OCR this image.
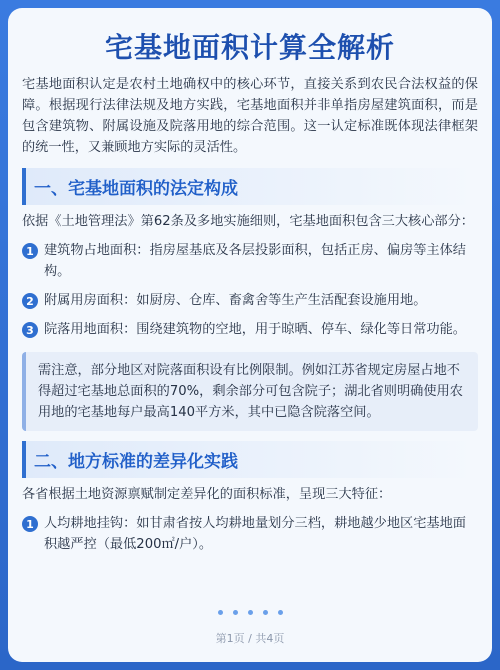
宅基地面积计算全解析

宅基地面积认定是农村土地确权中的核心环节，直接关系到农民合法权益的保障。根据现行法律法规及地方实践，宅基地面积并非单指房屋建筑面积，而是包含建筑物、附属设施及院落用地的综合范围。这一认定标准既体现法律框架的统一性，又兼顾地方实际的灵活性。

一、宅基地面积的法定构成

依据《土地管理法》第62条及多地实施细则，宅基地面积包含三大核心部分：

1 建筑物占地面积：指房屋基底及各层投影面积，包括正房、偏房等主体结构。
2 附属用房面积：如厨房、仓库、畜禽舍等生产生活配套设施用地。
3 院落用地面积：围绕建筑物的空地，用于晾晒、停车、绿化等日常功能。
需注意，部分地区对院落面积设有比例限制。例如江苏省规定房屋占地不得超过宅基地总面积的70%，剩余部分可包含院子；湖北省则明确使用农用地的宅基地每户最高140平方米，其中已隐含院落空间。
二、地方标准的差异化实践

各省根据土地资源禀赋制定差异化的面积标准，呈现三大特征：

1 人均耕地挂钩：如甘肃省按人均耕地量划分三档，耕地越少地区宅基地面积越严控（最低200㎡/户）。
第1页 / 共4页
